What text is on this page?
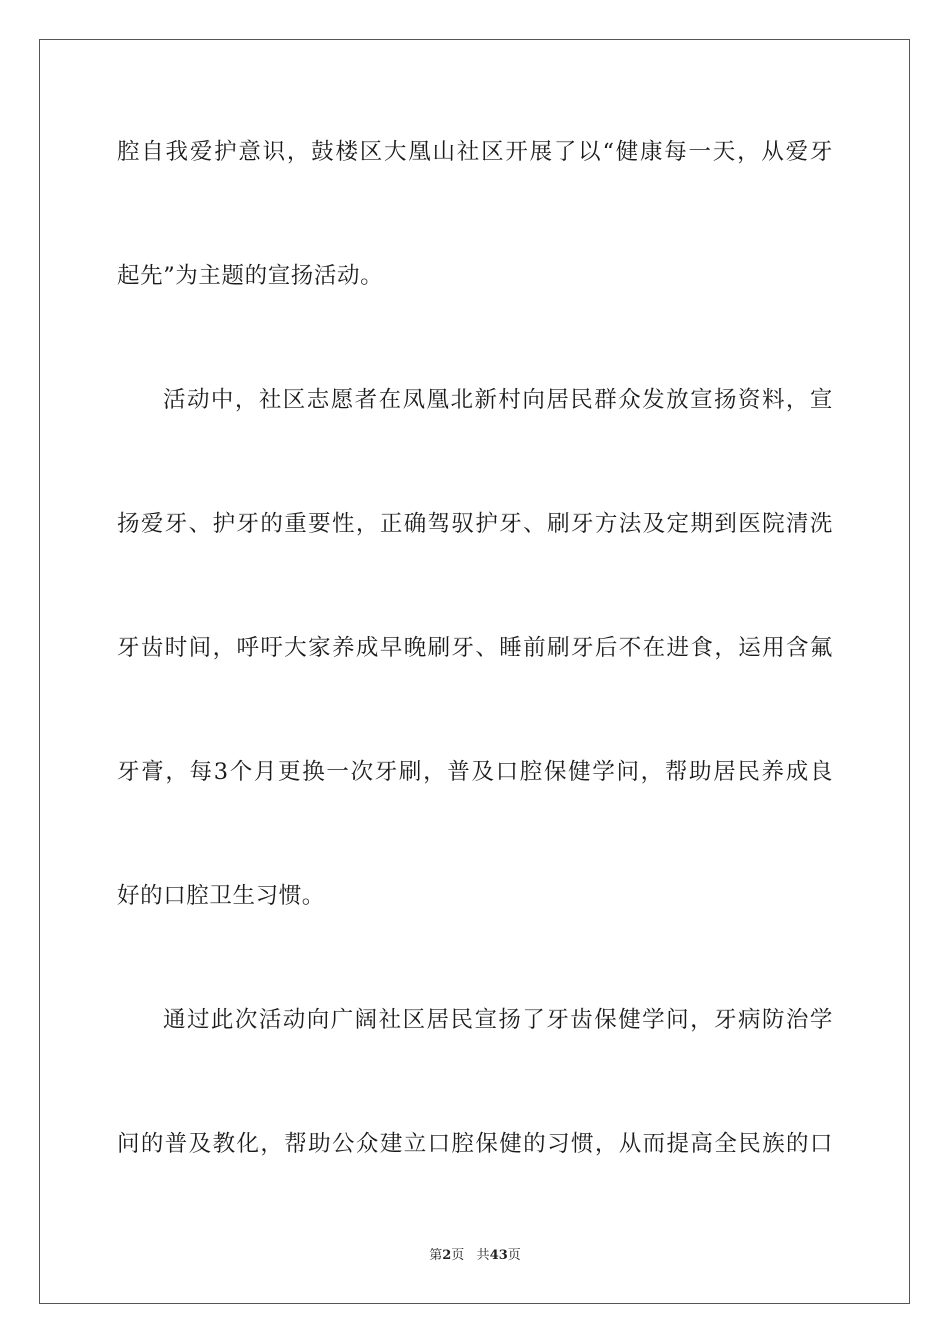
腔自我爱护意识，鼓楼区大凰山社区开展了以“健康每一天，从爱牙
起先”为主题的宣扬活动。
活动中，社区志愿者在凤凰北新村向居民群众发放宣扬资料，宣
扬爱牙、护牙的重要性，正确驾驭护牙、刷牙方法及定期到医院清洗
牙齿时间，呼吁大家养成早晚刷牙、睡前刷牙后不在进食，运用含氟
牙膏，每3个月更换一次牙刷，普及口腔保健学问，帮助居民养成良
好的口腔卫生习惯。
通过此次活动向广阔社区居民宣扬了牙齿保健学问，牙病防治学
问的普及教化，帮助公众建立口腔保健的习惯，从而提高全民族的口
第2页 共43页
